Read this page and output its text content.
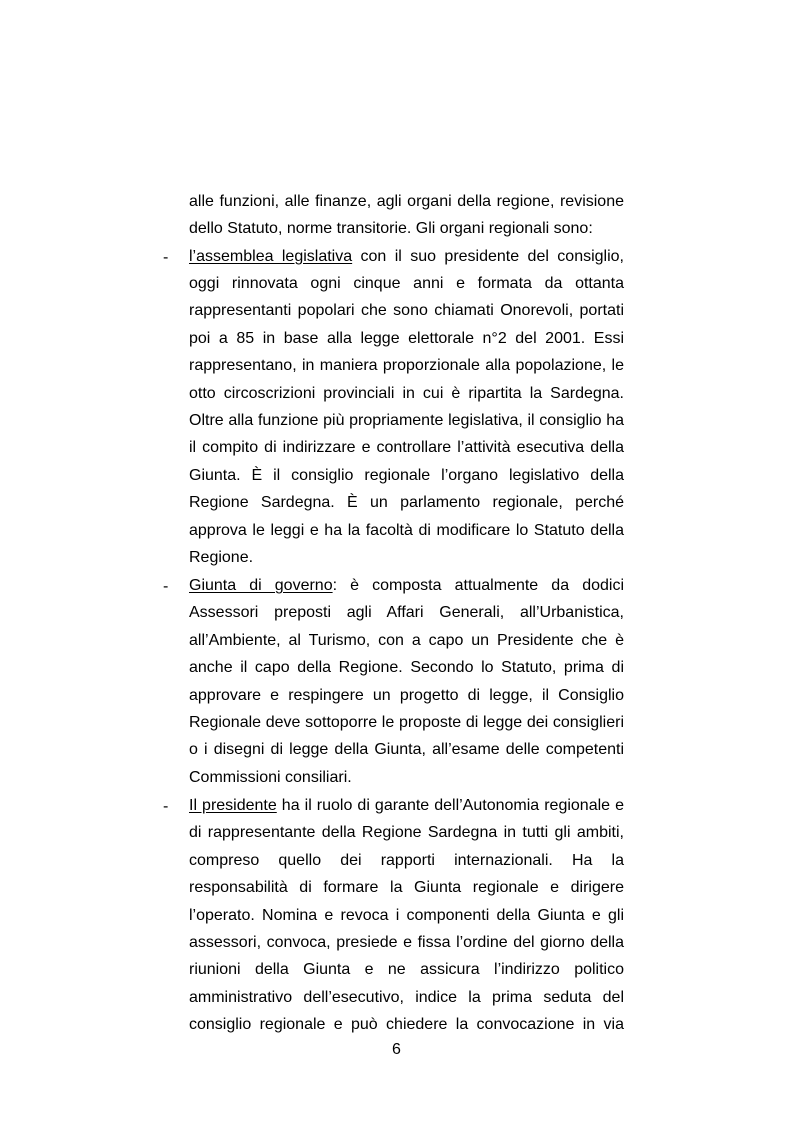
alle funzioni, alle finanze, agli organi della regione, revisione
dello Statuto, norme transitorie. Gli organi regionali sono:
- l’assemblea legislativa con il suo presidente del consiglio,
oggi rinnovata ogni cinque anni e formata da ottanta
rappresentanti popolari che sono chiamati Onorevoli, portati
poi a 85 in base alla legge elettorale n°2 del 2001. Essi
rappresentano, in maniera proporzionale alla popolazione, le
otto circoscrizioni provinciali in cui è ripartita la Sardegna.
Oltre alla funzione più propriamente legislativa, il consiglio ha
il compito di indirizzare e controllare l’attività esecutiva della
Giunta. È il consiglio regionale l’organo legislativo della
Regione Sardegna. È un parlamento regionale, perché
approva le leggi e ha la facoltà di modificare lo Statuto della
Regione.
- Giunta di governo: è composta attualmente da dodici
Assessori preposti agli Affari Generali, all’Urbanistica,
all’Ambiente, al Turismo, con a capo un Presidente che è
anche il capo della Regione. Secondo lo Statuto, prima di
approvare e respingere un progetto di legge, il Consiglio
Regionale deve sottoporre le proposte di legge dei consiglieri
o i disegni di legge della Giunta, all’esame delle competenti
Commissioni consiliari.
- Il presidente ha il ruolo di garante dell’Autonomia regionale e
di rappresentante della Regione Sardegna in tutti gli ambiti,
compreso quello dei rapporti internazionali. Ha la
responsabilità di formare la Giunta regionale e dirigere
l’operato. Nomina e revoca i componenti della Giunta e gli
assessori, convoca, presiede e fissa l’ordine del giorno della
riunioni della Giunta e ne assicura l’indirizzo politico
amministrativo dell’esecutivo, indice la prima seduta del
consiglio regionale e può chiedere la convocazione in via
6
